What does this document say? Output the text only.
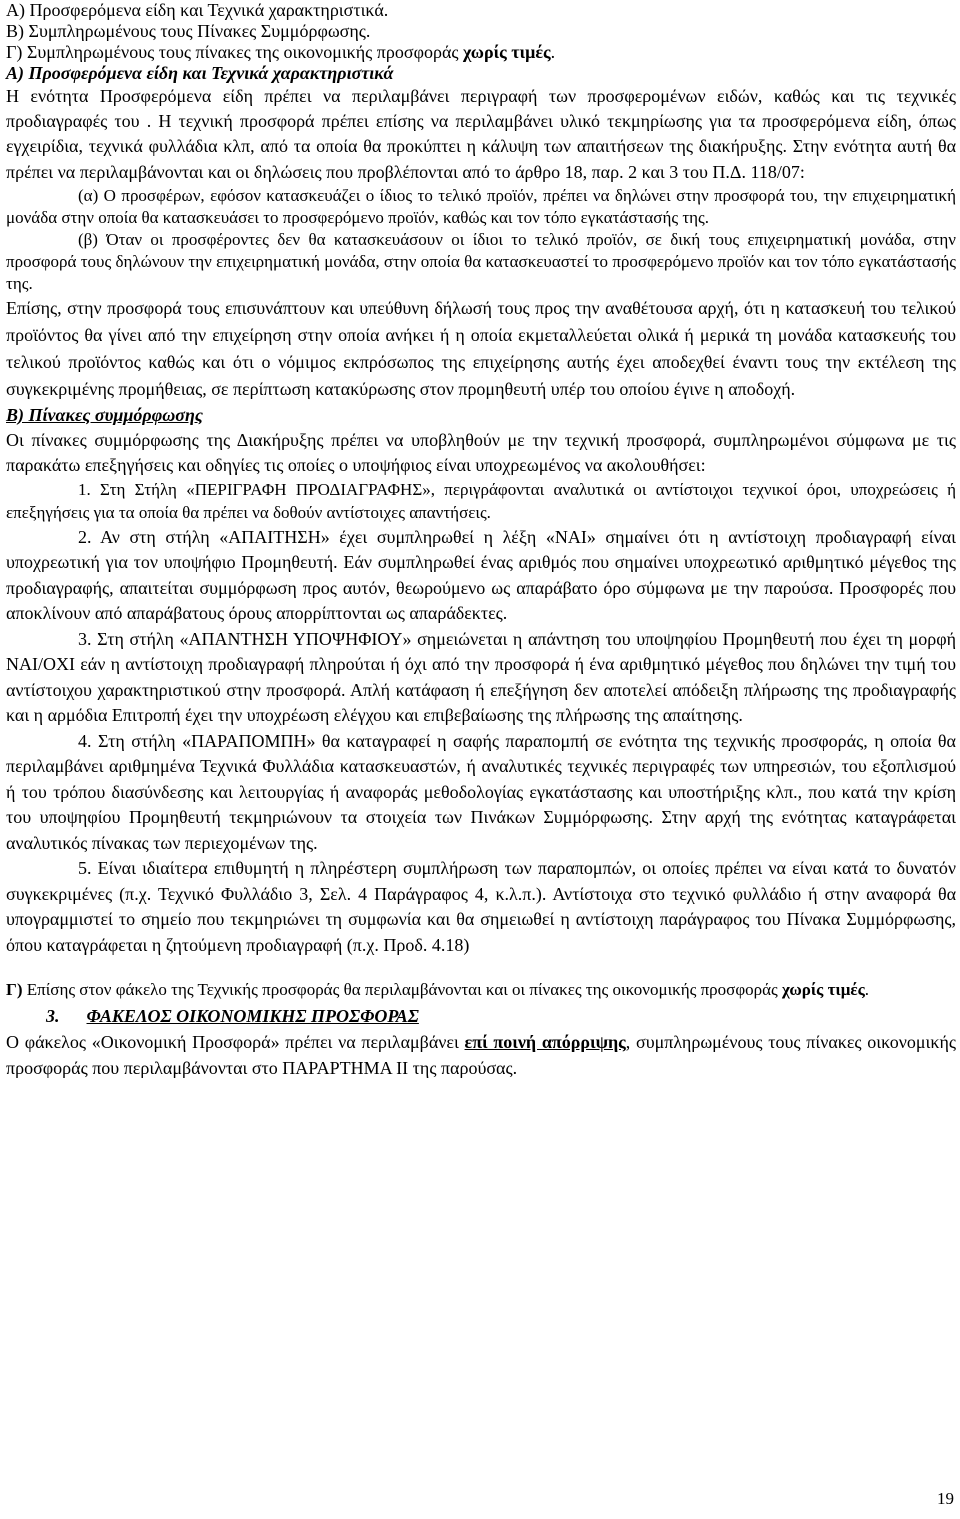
Α) Προσφερόμενα είδη και Τεχνικά χαρακτηριστικά.

Β) Συμπληρωμένους τους Πίνακες Συμμόρφωσης.

Γ) Συμπληρωμένους τους πίνακες της οικονομικής προσφοράς χωρίς τιμές.

Α) Προσφερόμενα είδη και Τεχνικά χαρακτηριστικά

Η ενότητα Προσφερόμενα είδη πρέπει να περιλαμβάνει περιγραφή των προσφερομένων ειδών, καθώς και τις τεχνικές προδιαγραφές του . Η τεχνική προσφορά πρέπει επίσης να περιλαμβάνει υλικό τεκμηρίωσης για τα προσφερόμενα είδη, όπως εγχειρίδια, τεχνικά φυλλάδια κλπ, από τα οποία θα προκύπτει η κάλυψη των απαιτήσεων της διακήρυξης. Στην ενότητα αυτή θα πρέπει να περιλαμβάνονται και οι δηλώσεις που προβλέπονται από το άρθρο 18, παρ. 2 και 3 του Π.Δ. 118/07:

(α) Ο προσφέρων, εφόσον κατασκευάζει ο ίδιος το τελικό προϊόν, πρέπει να δηλώνει στην προσφορά του, την επιχειρηματική μονάδα στην οποία θα κατασκευάσει το προσφερόμενο προϊόν, καθώς και τον τόπο εγκατάστασής της.

(β) Όταν οι προσφέροντες δεν θα κατασκευάσουν οι ίδιοι το τελικό προϊόν, σε δική τους επιχειρηματική μονάδα, στην προσφορά τους δηλώνουν την επιχειρηματική μονάδα, στην οποία θα κατασκευαστεί το προσφερόμενο προϊόν και τον τόπο εγκατάστασής της.

Επίσης, στην προσφορά τους επισυνάπτουν και υπεύθυνη δήλωσή τους προς την αναθέτουσα αρχή, ότι η κατασκευή του τελικού προϊόντος θα γίνει από την επιχείρηση στην οποία ανήκει ή η οποία εκμεταλλεύεται ολικά ή μερικά τη μονάδα κατασκευής του τελικού προϊόντος καθώς και ότι ο νόμιμος εκπρόσωπος της επιχείρησης αυτής έχει αποδεχθεί έναντι τους την εκτέλεση της συγκεκριμένης προμήθειας, σε περίπτωση κατακύρωσης στον προμηθευτή υπέρ του οποίου έγινε η αποδοχή.

Β) Πίνακες συμμόρφωσης

Οι πίνακες συμμόρφωσης της Διακήρυξης πρέπει να υποβληθούν με την τεχνική προσφορά, συμπληρωμένοι σύμφωνα με τις παρακάτω επεξηγήσεις και οδηγίες τις οποίες ο υποψήφιος είναι υποχρεωμένος να ακολουθήσει:

1. Στη Στήλη «ΠΕΡΙΓΡΑΦΗ ΠΡΟΔΙΑΓΡΑΦΗΣ», περιγράφονται αναλυτικά οι αντίστοιχοι τεχνικοί όροι, υποχρεώσεις ή επεξηγήσεις για τα οποία θα πρέπει να δοθούν αντίστοιχες απαντήσεις.

2. Αν στη στήλη «ΑΠΑΙΤΗΣΗ» έχει συμπληρωθεί η λέξη «ΝΑΙ» σημαίνει ότι η αντίστοιχη προδιαγραφή είναι υποχρεωτική για τον υποψήφιο Προμηθευτή. Εάν συμπληρωθεί ένας αριθμός που σημαίνει υποχρεωτικό αριθμητικό μέγεθος της προδιαγραφής, απαιτείται συμμόρφωση προς αυτόν, θεωρούμενο ως απαράβατο όρο σύμφωνα με την παρούσα. Προσφορές που αποκλίνουν από απαράβατους όρους απορρίπτονται ως απαράδεκτες.

3. Στη στήλη «ΑΠΑΝΤΗΣΗ ΥΠΟΨΗΦΙΟΥ» σημειώνεται η απάντηση του υποψηφίου Προμηθευτή που έχει τη μορφή ΝΑΙ/ΟΧΙ εάν η αντίστοιχη προδιαγραφή πληρούται ή όχι από την προσφορά ή ένα αριθμητικό μέγεθος που δηλώνει την τιμή του αντίστοιχου χαρακτηριστικού στην προσφορά. Απλή κατάφαση ή επεξήγηση δεν αποτελεί απόδειξη πλήρωσης της προδιαγραφής και η αρμόδια Επιτροπή έχει την υποχρέωση ελέγχου και επιβεβαίωσης της πλήρωσης της απαίτησης.

4. Στη στήλη «ΠΑΡΑΠΟΜΠΗ» θα καταγραφεί η σαφής παραπομπή σε ενότητα της τεχνικής προσφοράς, η οποία θα περιλαμβάνει αριθμημένα Τεχνικά Φυλλάδια κατασκευαστών, ή αναλυτικές τεχνικές περιγραφές των υπηρεσιών, του εξοπλισμού ή του τρόπου διασύνδεσης και λειτουργίας ή αναφοράς μεθοδολογίας εγκατάστασης και υποστήριξης κλπ., που κατά την κρίση του υποψηφίου Προμηθευτή τεκμηριώνουν τα στοιχεία των Πινάκων Συμμόρφωσης. Στην αρχή της ενότητας καταγράφεται αναλυτικός πίνακας των περιεχομένων της.

5. Είναι ιδιαίτερα επιθυμητή η πληρέστερη συμπλήρωση των παραπομπών, οι οποίες πρέπει να είναι κατά το δυνατόν συγκεκριμένες (π.χ. Τεχνικό Φυλλάδιο 3, Σελ. 4 Παράγραφος 4, κ.λ.π.). Αντίστοιχα στο τεχνικό φυλλάδιο ή στην αναφορά θα υπογραμμιστεί το σημείο που τεκμηριώνει τη συμφωνία και θα σημειωθεί η αντίστοιχη παράγραφος του Πίνακα Συμμόρφωσης, όπου καταγράφεται η ζητούμενη προδιαγραφή (π.χ. Προδ. 4.18)

Γ) Επίσης στον φάκελο της Τεχνικής προσφοράς θα περιλαμβάνονται και οι πίνακες της οικονομικής προσφοράς χωρίς τιμές.

3. ΦΑΚΕΛΟΣ ΟΙΚΟΝΟΜΙΚΗΣ ΠΡΟΣΦΟΡΑΣ

Ο φάκελος «Οικονομική Προσφορά» πρέπει να περιλαμβάνει επί ποινή απόρριψης, συμπληρωμένους τους πίνακες οικονομικής προσφοράς που περιλαμβάνονται στο ΠΑΡΑΡΤΗΜΑ ΙΙ της παρούσας.

19
